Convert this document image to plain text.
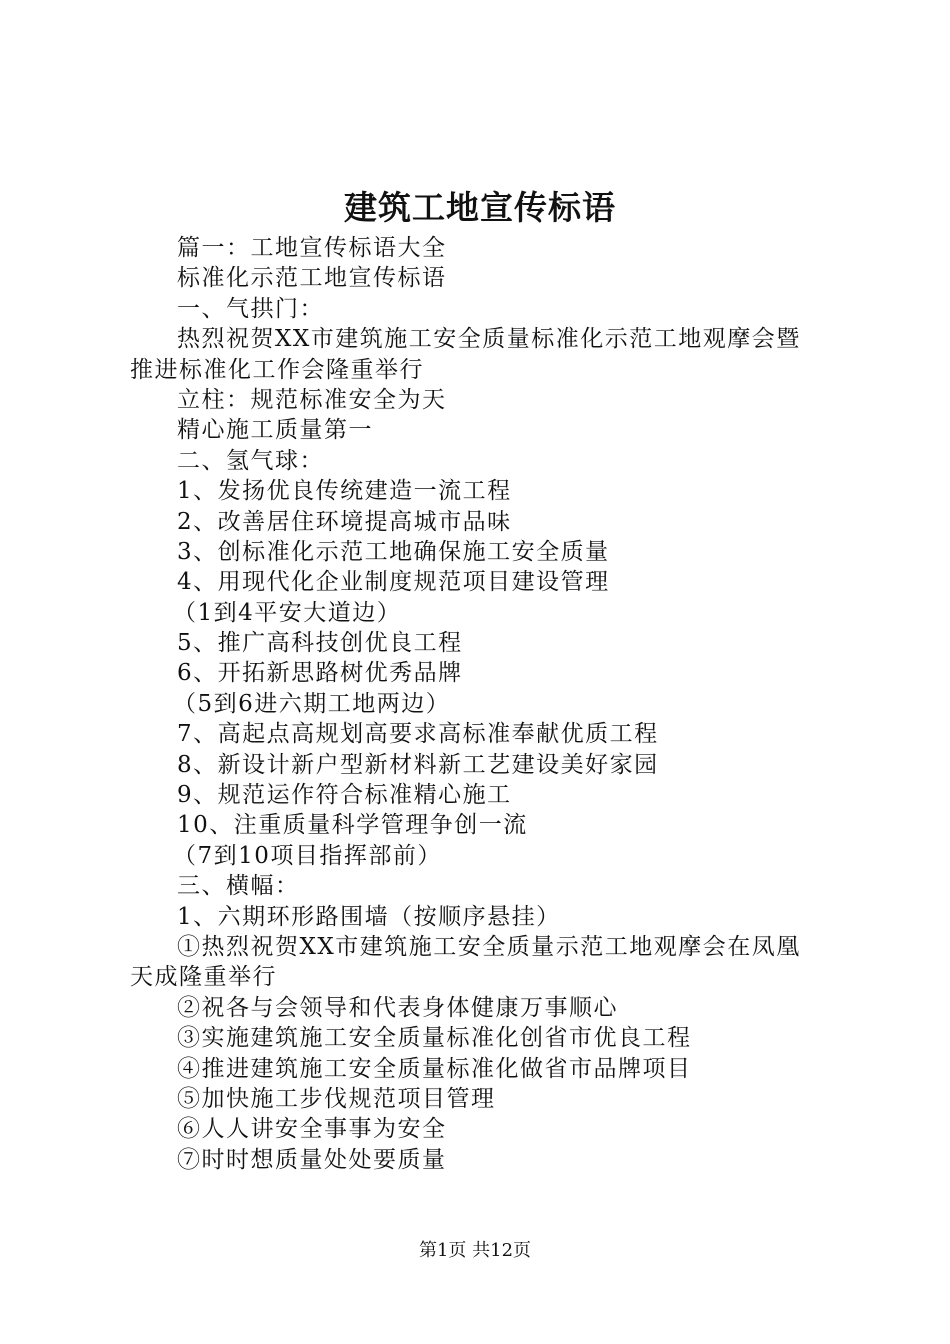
建筑工地宣传标语
篇一：工地宣传标语大全
标准化示范工地宣传标语
一、气拱门：
热烈祝贺XX市建筑施工安全质量标准化示范工地观摩会暨
推进标准化工作会隆重举行
立柱：规范标准安全为天
精心施工质量第一
二、氢气球：
1、发扬优良传统建造一流工程
2、改善居住环境提高城市品味
3、创标准化示范工地确保施工安全质量
4、用现代化企业制度规范项目建设管理
（1到4平安大道边）
5、推广高科技创优良工程
6、开拓新思路树优秀品牌
（5到6进六期工地两边）
7、高起点高规划高要求高标准奉献优质工程
8、新设计新户型新材料新工艺建设美好家园
9、规范运作符合标准精心施工
10、注重质量科学管理争创一流
（7到10项目指挥部前）
三、横幅：
1、六期环形路围墙（按顺序悬挂）
①热烈祝贺XX市建筑施工安全质量示范工地观摩会在凤凰
天成隆重举行
②祝各与会领导和代表身体健康万事顺心
③实施建筑施工安全质量标准化创省市优良工程
④推进建筑施工安全质量标准化做省市品牌项目
⑤加快施工步伐规范项目管理
⑥人人讲安全事事为安全
⑦时时想质量处处要质量
第1页 共12页
